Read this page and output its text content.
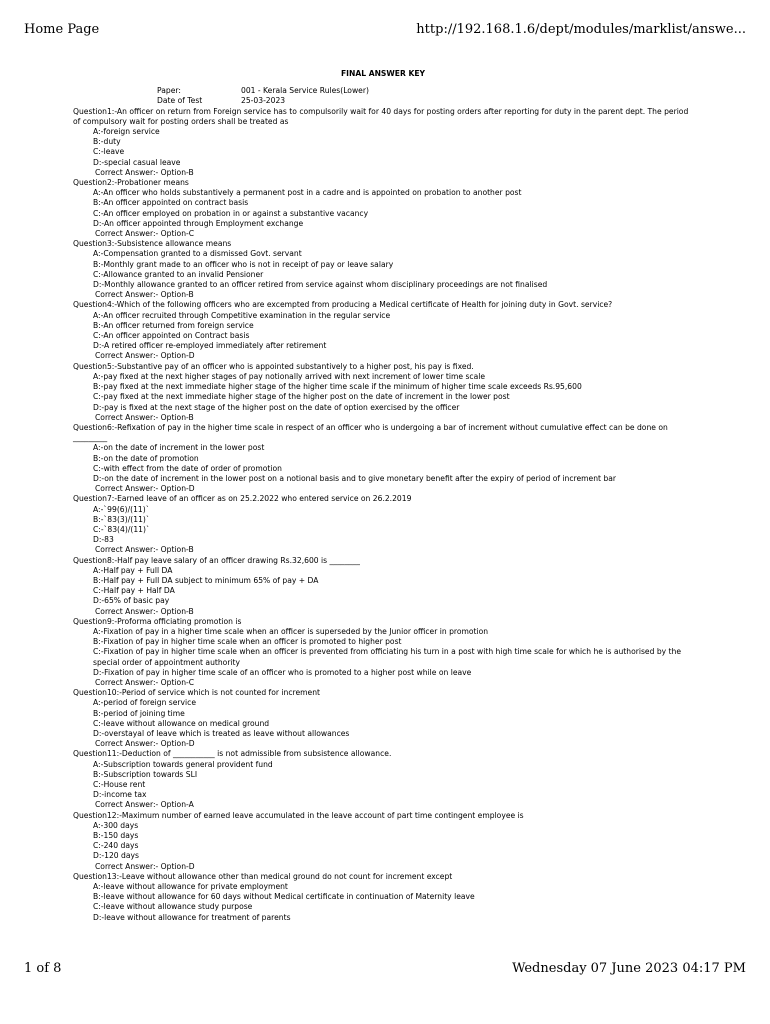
Home Page	http://192.168.1.6/dept/modules/marklist/answe...
FINAL ANSWER KEY
Paper:	001 - Kerala Service Rules(Lower)
Date of Test	25-03-2023
Question1:-An officer on return from Foreign service has to compulsorily wait for 40 days for posting orders after reporting for duty in the parent dept. The period of compulsory wait for posting orders shall be treated as
A:-foreign service
B:-duty
C:-leave
D:-special casual leave
Correct Answer:- Option-B
Question2:-Probationer means
A:-An officer who holds substantively a permanent post in a cadre and is appointed on probation to another post
B:-An officer appointed on contract basis
C:-An officer employed on probation in or against a substantive vacancy
D:-An officer appointed through Employment exchange
Correct Answer:- Option-C
Question3:-Subsistence allowance means
A:-Compensation granted to a dismissed Govt. servant
B:-Monthly grant made to an officer who is not in receipt of pay or leave salary
C:-Allowance granted to an invalid Pensioner
D:-Monthly allowance granted to an officer retired from service against whom disciplinary proceedings are not finalised
Correct Answer:- Option-B
Question4:-Which of the following officers who are excempted from producing a Medical certificate of Health for joining duty in Govt. service?
A:-An officer recruited through Competitive examination in the regular service
B:-An officer returned from foreign service
C:-An officer appointed on Contract basis
D:-A retired officer re-employed immediately after retirement
Correct Answer:- Option-D
Question5:-Substantive pay of an officer who is appointed substantively to a higher post, his pay is fixed.
A:-pay fixed at the next higher stages of pay notionally arrived with next increment of lower time scale
B:-pay fixed at the next immediate higher stage of the higher time scale if the minimum of higher time scale exceeds Rs.95,600
C:-pay fixed at the next immediate higher stage of the higher post on the date of increment in the lower post
D:-pay is fixed at the next stage of the higher post on the date of option exercised by the officer
Correct Answer:- Option-B
Question6:-Refixation of pay in the higher time scale in respect of an officer who is undergoing a bar of increment without cumulative effect can be done on _________
A:-on the date of increment in the lower post
B:-on the date of promotion
C:-with effect from the date of order of promotion
D:-on the date of increment in the lower post on a notional basis and to give monetary benefit after the expiry of period of increment bar
Correct Answer:- Option-D
Question7:-Earned leave of an officer as on 25.2.2022 who entered service on 26.2.2019
A:-`99(6)/(11)`
B:-`83(3)/(11)`
C:-`83(4)/(11)`
D:-83
Correct Answer:- Option-B
Question8:-Half pay leave salary of an officer drawing Rs.32,600 is ________
A:-Half pay + Full DA
B:-Half pay + Full DA subject to minimum 65% of pay + DA
C:-Half pay + Half DA
D:-65% of basic pay
Correct Answer:- Option-B
Question9:-Proforma officiating promotion is
A:-Fixation of pay in a higher time scale when an officer is superseded by the Junior officer in promotion
B:-Fixation of pay in higher time scale when an officer is promoted to higher post
C:-Fixation of pay in higher time scale when an officer is prevented from officiating his turn in a post with high time scale for which he is authorised by the special order of appointment authority
D:-Fixation of pay in higher time scale of an officer who is promoted to a higher post while on leave
Correct Answer:- Option-C
Question10:-Period of service which is not counted for increment
A:-period of foreign service
B:-period of joining time
C:-leave without allowance on medical ground
D:-overstayal of leave which is treated as leave without allowances
Correct Answer:- Option-D
Question11:-Deduction of ___________ is not admissible from subsistence allowance.
A:-Subscription towards general provident fund
B:-Subscription towards SLI
C:-House rent
D:-income tax
Correct Answer:- Option-A
Question12:-Maximum number of earned leave accumulated in the leave account of part time contingent employee is
A:-300 days
B:-150 days
C:-240 days
D:-120 days
Correct Answer:- Option-D
Question13:-Leave without allowance other than medical ground do not count for increment except
A:-leave without allowance for private employment
B:-leave without allowance for 60 days without Medical certificate in continuation of Maternity leave
C:-leave without allowance study purpose
D:-leave without allowance for treatment of parents
1 of 8	Wednesday 07 June 2023 04:17 PM
